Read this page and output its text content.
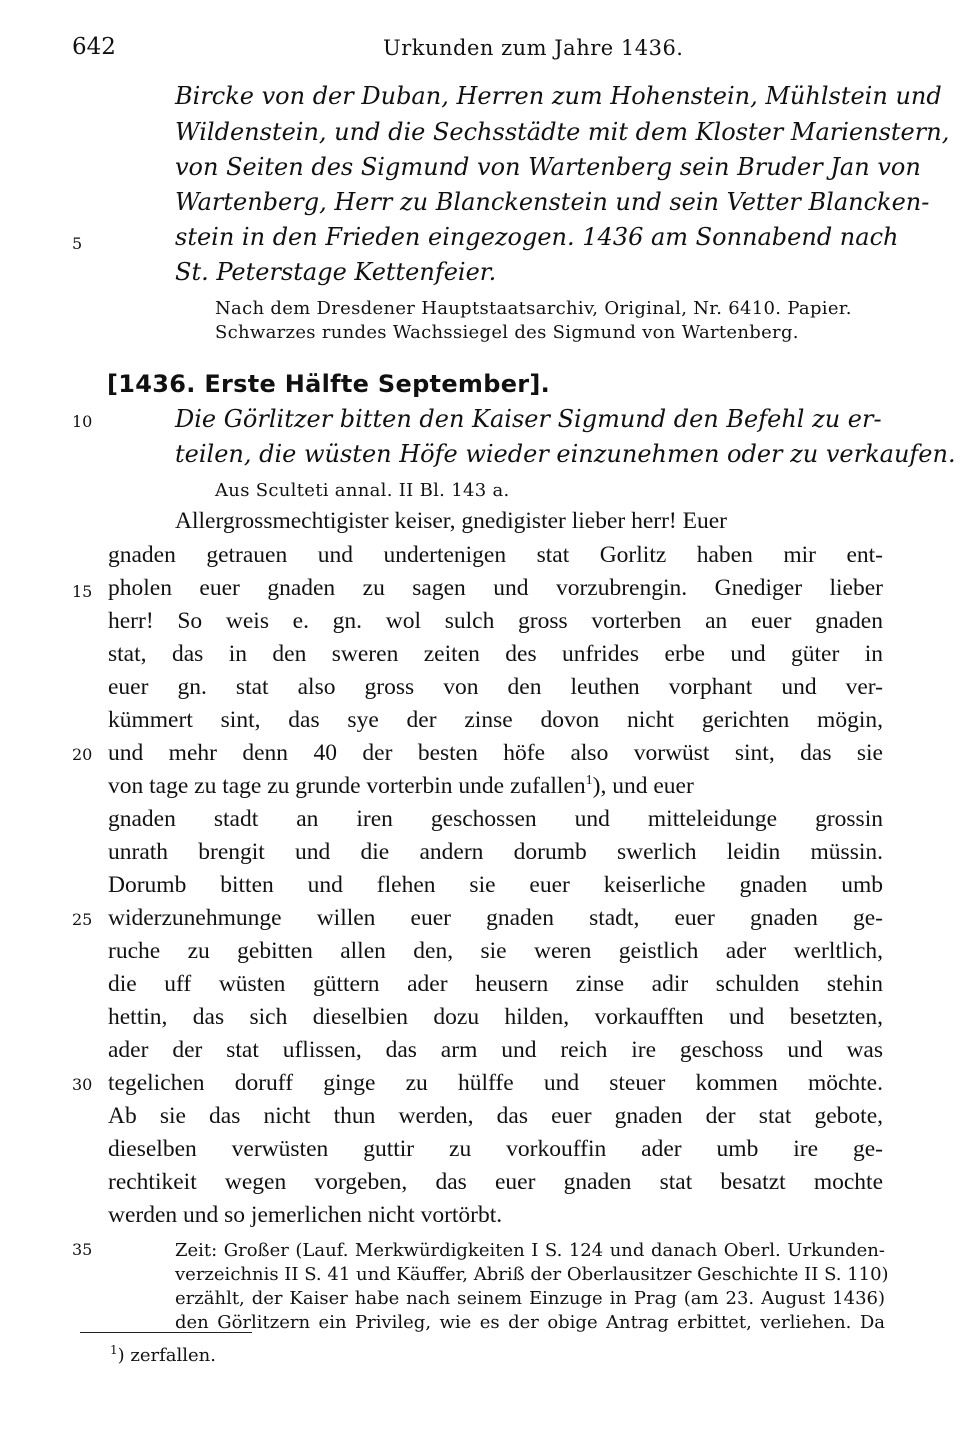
642	Urkunden zum Jahre 1436.
5
10
15
20
25
30
35
Bircke von der Duban, Herren zum Hohenstein, Mühlstein und
Wildenstein, und die Sechsstädte mit dem Kloster Marienstern,
von Seiten des Sigmund von Wartenberg sein Bruder Jan von
Wartenberg, Herr zu Blanckenstein und sein Vetter Blancken-
stein in den Frieden eingezogen. 1436 am Sonnabend nach
St. Peterstage Kettenfeier.
Nach dem Dresdener Hauptstaatsarchiv, Original, Nr. 6410. Papier.
Schwarzes rundes Wachssiegel des Sigmund von Wartenberg.
[1436. Erste Hälfte September].
Die Görlitzer bitten den Kaiser Sigmund den Befehl zu er-
teilen, die wüsten Höfe wieder einzunehmen oder zu verkaufen.
Aus Sculteti annal. II Bl. 143 a.
Allergrossmechtigister keiser, gnedigister lieber herr! Euer
gnaden getrauen und undertenigen stat Gorlitz haben mir ent-
pholen euer gnaden zu sagen und vorzubrengin. Gnediger lieber
herr! So weis e. gn. wol sulch gross vorterben an euer gnaden
stat, das in den sweren zeiten des unfrides erbe und güter in
euer gn. stat also gross von den leuthen vorphant und ver-
kümmert sint, das sye der zinse dovon nicht gerichten mögin,
und mehr denn 40 der besten höfe also vorwüst sint, das sie
von tage zu tage zu grunde vorterbin unde zufallen$^1$), und euer
gnaden stadt an iren geschossen und mitteleidunge grossin
unrath brengit und die andern dorumb swerlich leidin müssin.
Dorumb bitten und flehen sie euer keiserliche gnaden umb
widerzunehmunge willen euer gnaden stadt, euer gnaden ge-
ruche zu gebitten allen den, sie weren geistlich ader werltlich,
die uff wüsten güttern ader heusern zinse adir schulden stehin
hettin, das sich dieselbien dozu hilden, vorkaufften und besetzten,
ader der stat uflissen, das arm und reich ire geschoss und was
tegelichen doruff ginge zu hülffe und steuer kommen möchte.
Ab sie das nicht thun werden, das euer gnaden der stat gebote,
dieselben verwüsten guttir zu vorkouffin ader umb ire ge-
rechtikeit wegen vorgeben, das euer gnaden stat besatzt mochte
werden und so jemerlichen nicht vortörbt.
Zeit: Großer (Lauf. Merkwürdigkeiten I S. 124 und danach Oberl. Urkunden-
verzeichnis II S. 41 und Käuffer, Abriß der Oberlausitzer Geschichte II S. 110)
erzählt, der Kaiser habe nach seinem Einzuge in Prag (am 23. August 1436)
den Görlitzern ein Privileg, wie es der obige Antrag erbittet, verliehen. Da
$^1$) zerfallen.
